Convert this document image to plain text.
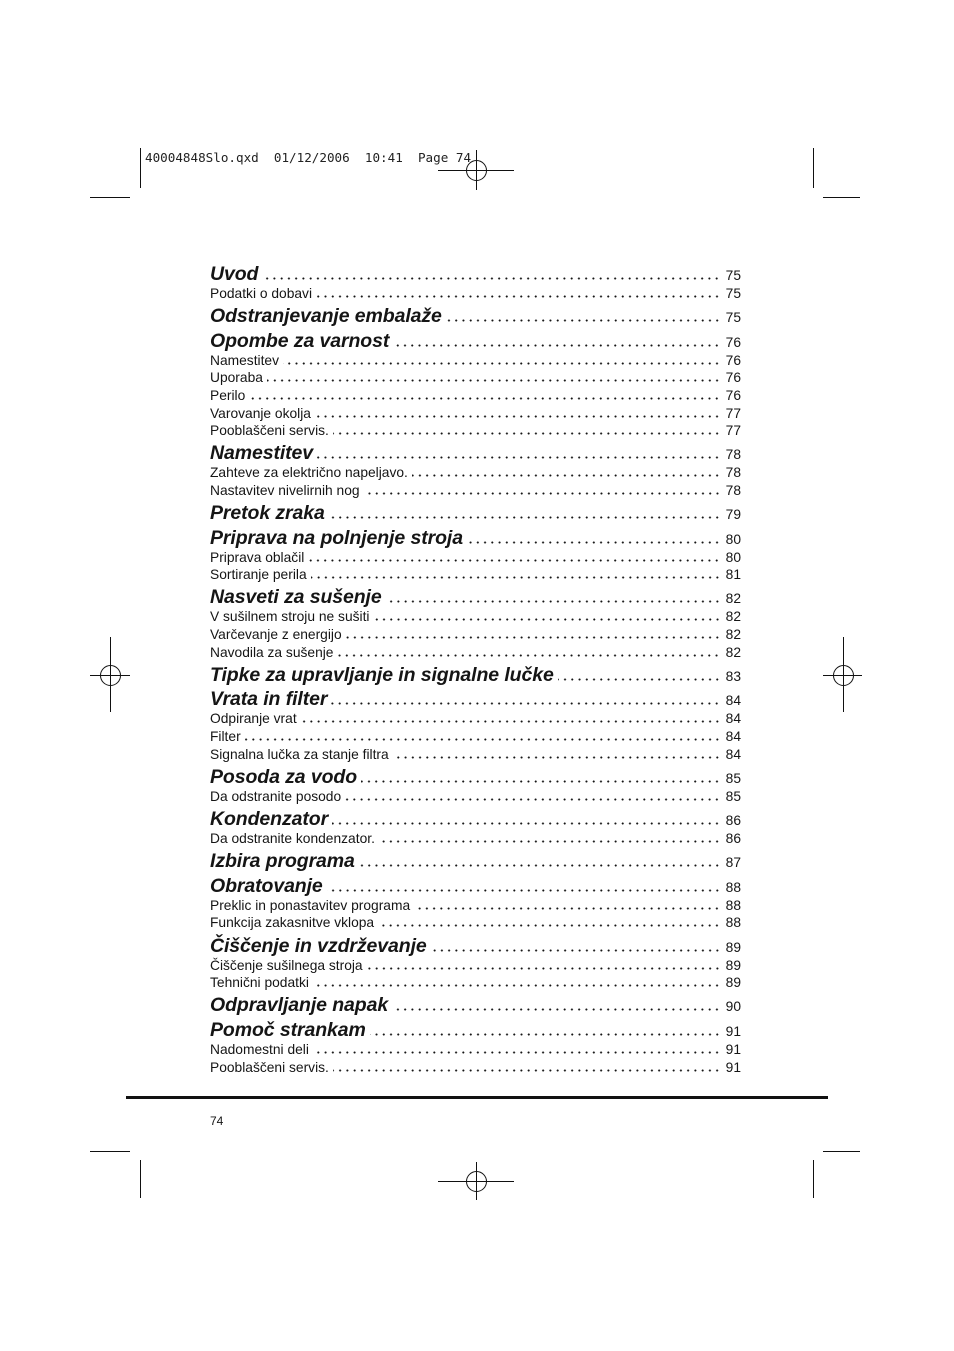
40004848Slo.qxd  01/12/2006  10:41  Page 74
Uvod	75
Podatki o dobavi	75
Odstranjevanje embalaže	75
Opombe za varnost	76
Namestitev	76
Uporaba	76
Perilo	76
Varovanje okolja	77
Pooblaščeni servis.	77
Namestitev	78
Zahteve za električno napeljavo.	78
Nastavitev nivelirnih nog	78
Pretok zraka	79
Priprava na polnjenje stroja	80
Priprava oblačil	80
Sortiranje perila	81
Nasveti za sušenje	82
V sušilnem stroju ne sušiti	82
Varčevanje z energijo	82
Navodila za sušenje	82
Tipke za upravljanje in signalne lučke	83
Vrata in filter	84
Odpiranje vrat	84
Filter	84
Signalna lučka za stanje filtra	84
Posoda za vodo	85
Da odstranite posodo	85
Kondenzator	86
Da odstranite kondenzator.	86
Izbira programa	87
Obratovanje	88
Preklic in ponastavitev programa	88
Funkcija zakasnitve vklopa	88
Čiščenje in vzdrževanje	89
Čiščenje sušilnega stroja	89
Tehnični podatki	89
Odpravljanje napak	90
Pomoč strankam	91
Nadomestni deli	91
Pooblaščeni servis.	91
74
